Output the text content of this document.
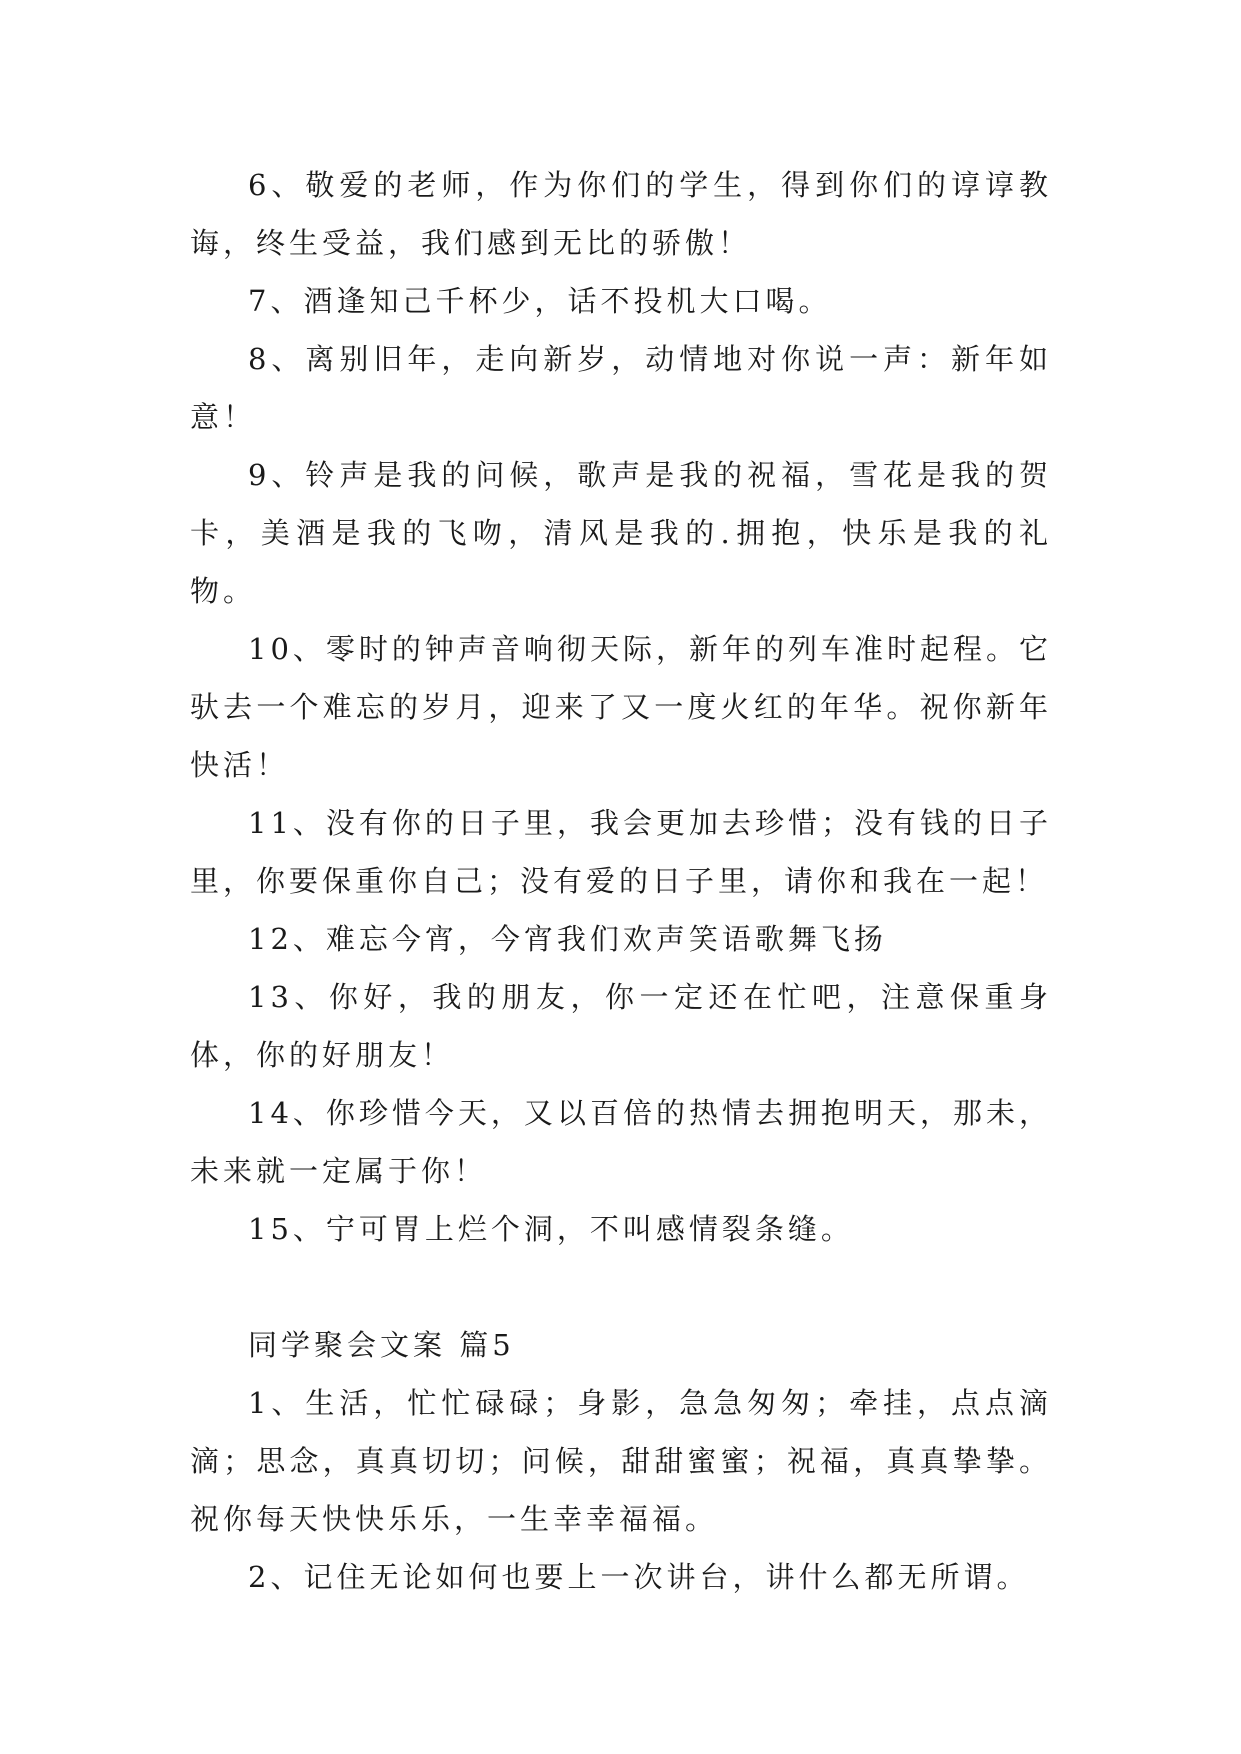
6、敬爱的老师，作为你们的学生，得到你们的谆谆教诲，终生受益，我们感到无比的骄傲！

7、酒逢知己千杯少，话不投机大口喝。

8、离别旧年，走向新岁，动情地对你说一声：新年如意！

9、铃声是我的问候，歌声是我的祝福，雪花是我的贺卡，美酒是我的飞吻，清风是我的.拥抱，快乐是我的礼物。

10、零时的钟声音响彻天际，新年的列车准时起程。它驮去一个难忘的岁月，迎来了又一度火红的年华。祝你新年快活！

11、没有你的日子里，我会更加去珍惜；没有钱的日子里，你要保重你自己；没有爱的日子里，请你和我在一起！

12、难忘今宵，今宵我们欢声笑语歌舞飞扬

13、你好，我的朋友，你一定还在忙吧，注意保重身体，你的好朋友！

14、你珍惜今天，又以百倍的热情去拥抱明天，那未，未来就一定属于你！

15、宁可胃上烂个洞，不叫感情裂条缝。

同学聚会文案 篇5

1、生活，忙忙碌碌；身影，急急匆匆；牵挂，点点滴滴；思念，真真切切；问候，甜甜蜜蜜；祝福，真真挚挚。祝你每天快快乐乐，一生幸幸福福。

2、记住无论如何也要上一次讲台，讲什么都无所谓。
